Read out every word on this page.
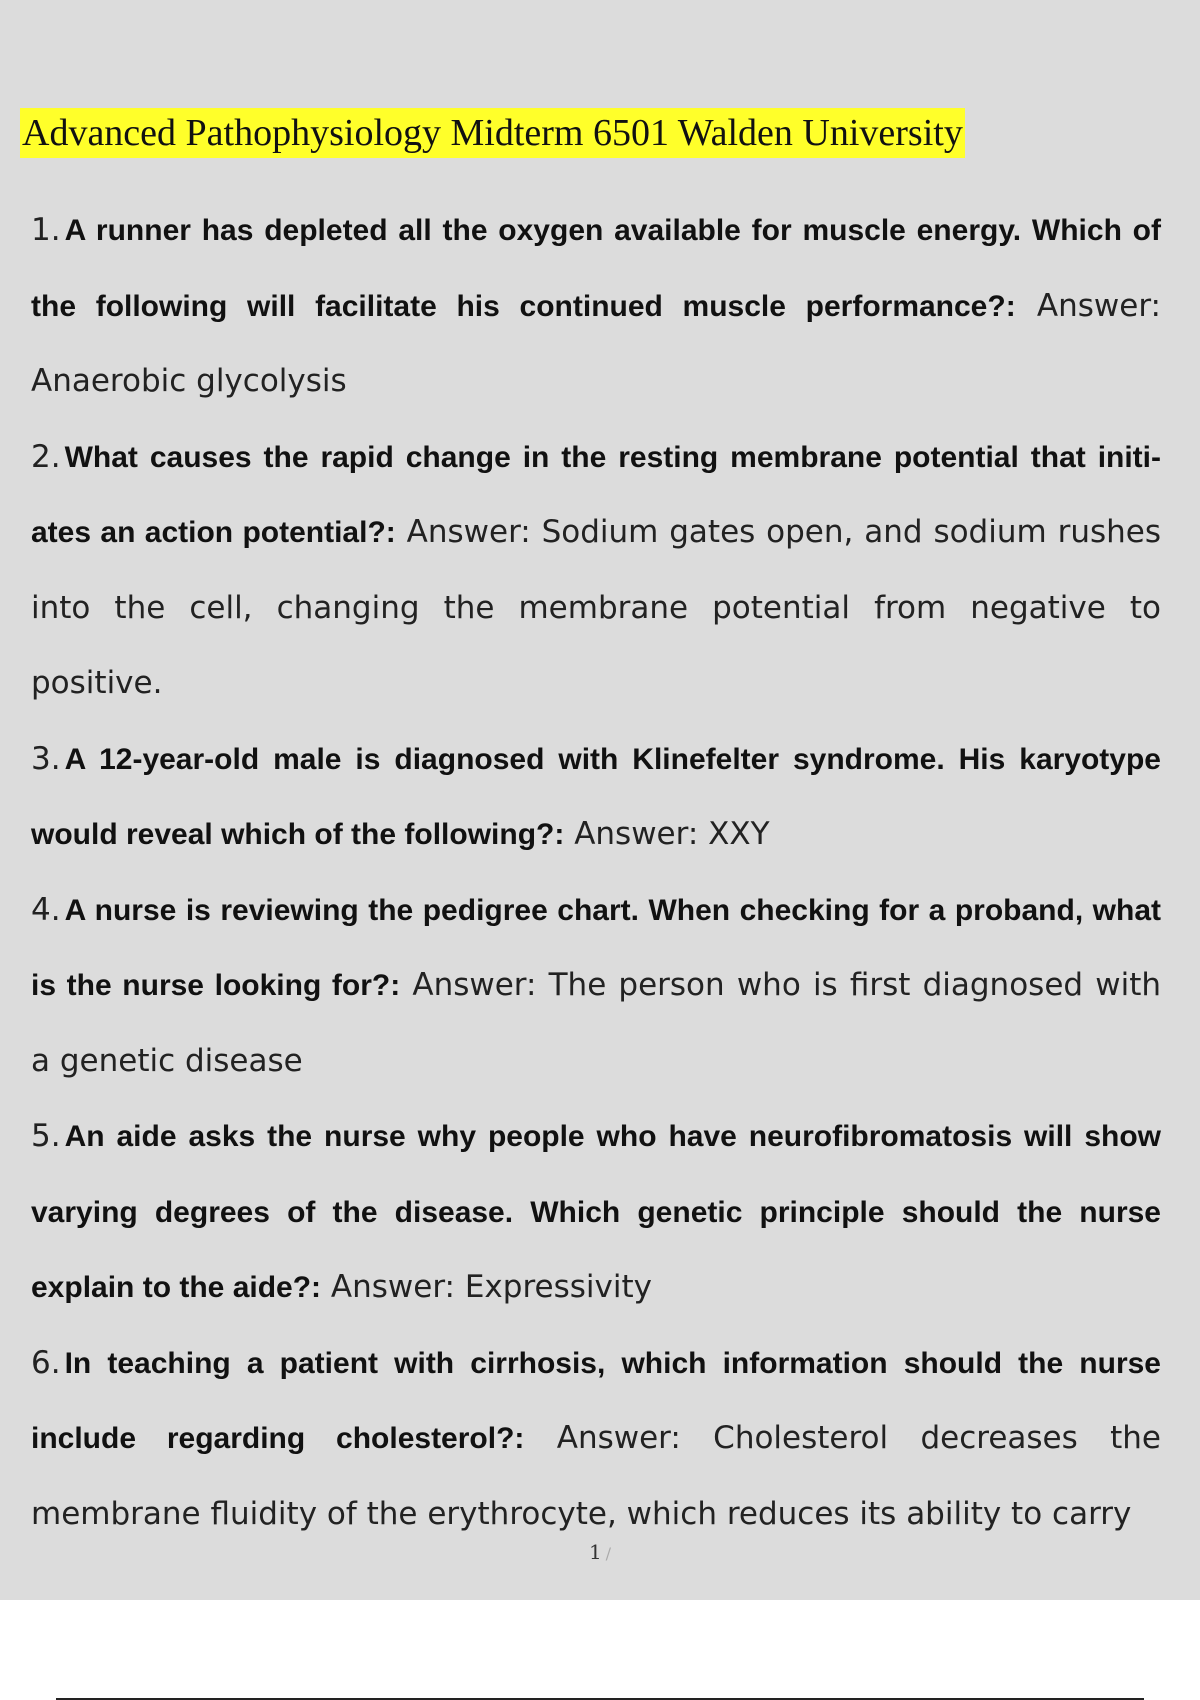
Advanced Pathophysiology Midterm 6501 Walden University

1. A runner has depleted all the oxygen available for muscle energy. Which of the following will facilitate his continued muscle performance?: Answer: Anaerobic glycolysis

2. What causes the rapid change in the resting membrane potential that initi- ates an action potential?: Answer: Sodium gates open, and sodium rushes into the cell, changing the membrane potential from negative to positive.

3. A 12-year-old male is diagnosed with Klinefelter syndrome. His karyotype would reveal which of the following?: Answer: XXY

4. A nurse is reviewing the pedigree chart. When checking for a proband, what is the nurse looking for?: Answer: The person who is first diagnosed with a genetic disease

5. An aide asks the nurse why people who have neurofibromatosis will show varying degrees of the disease. Which genetic principle should the nurse explain to the aide?: Answer: Expressivity

6. In teaching a patient with cirrhosis, which information should the nurse include regarding cholesterol?: Answer: Cholesterol decreases the membrane fluidity of the erythrocyte, which reduces its ability to carry

1 /
